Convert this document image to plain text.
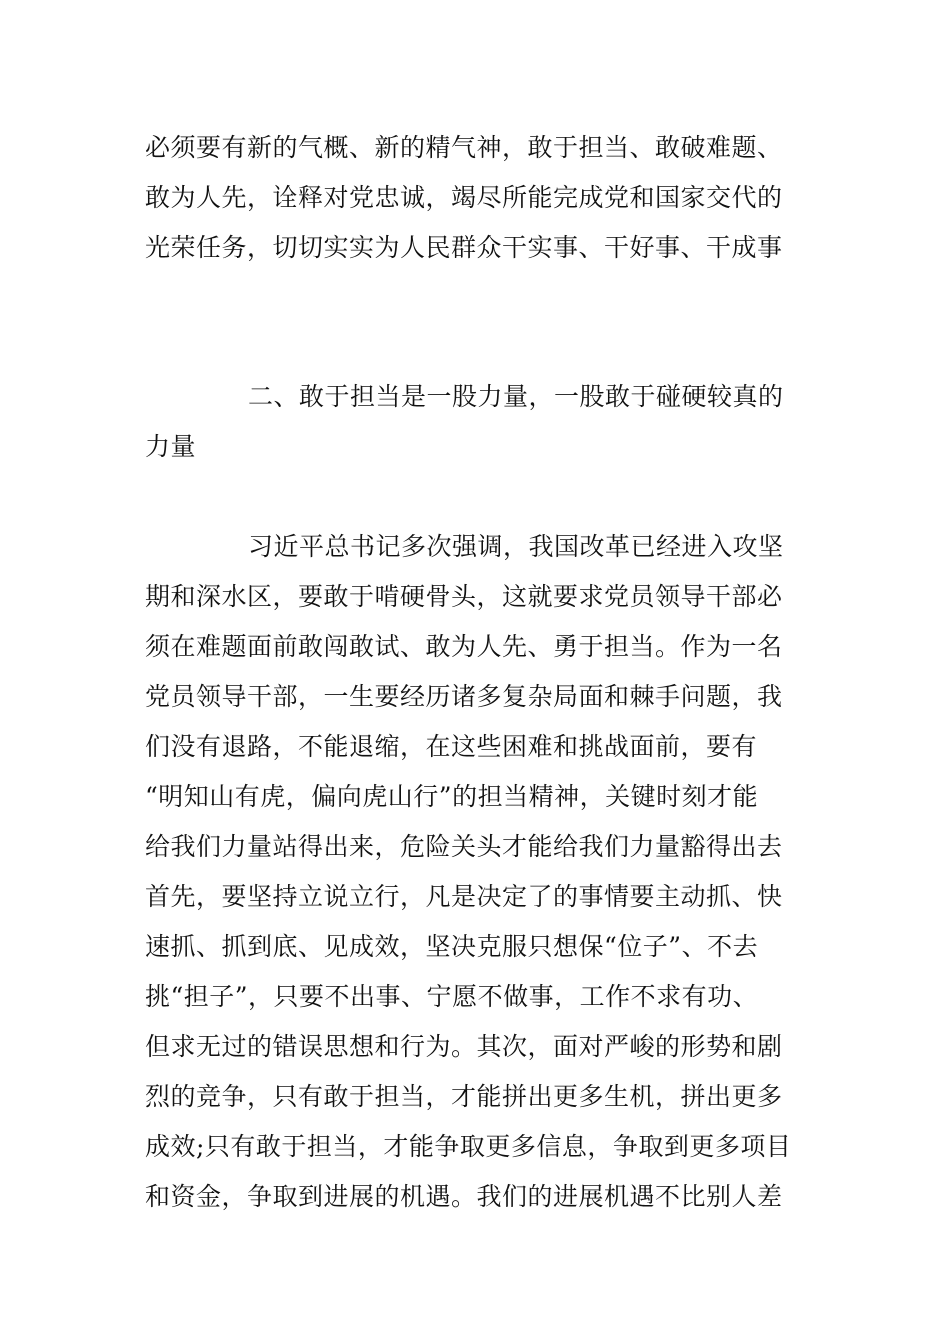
必须要有新的气概、新的精气神，敢于担当、敢破难题、
敢为人先，诠释对党忠诚，竭尽所能完成党和国家交代的
光荣任务，切切实实为人民群众干实事、干好事、干成事
二、敢于担当是一股力量，一股敢于碰硬较真的
力量
习近平总书记多次强调，我国改革已经进入攻坚
期和深水区，要敢于啃硬骨头，这就要求党员领导干部必
须在难题面前敢闯敢试、敢为人先、勇于担当。作为一名
党员领导干部，一生要经历诸多复杂局面和棘手问题，我
们没有退路，不能退缩，在这些困难和挑战面前，要有
“明知山有虎，偏向虎山行”的担当精神，关键时刻才能
给我们力量站得出来，危险关头才能给我们力量豁得出去
首先，要坚持立说立行，凡是决定了的事情要主动抓、快
速抓、抓到底、见成效，坚决克服只想保“位子”、不去
挑“担子”，只要不出事、宁愿不做事，工作不求有功、
但求无过的错误思想和行为。其次，面对严峻的形势和剧
烈的竞争，只有敢于担当，才能拼出更多生机，拼出更多
成效;只有敢于担当，才能争取更多信息，争取到更多项目
和资金，争取到进展的机遇。我们的进展机遇不比别人差
